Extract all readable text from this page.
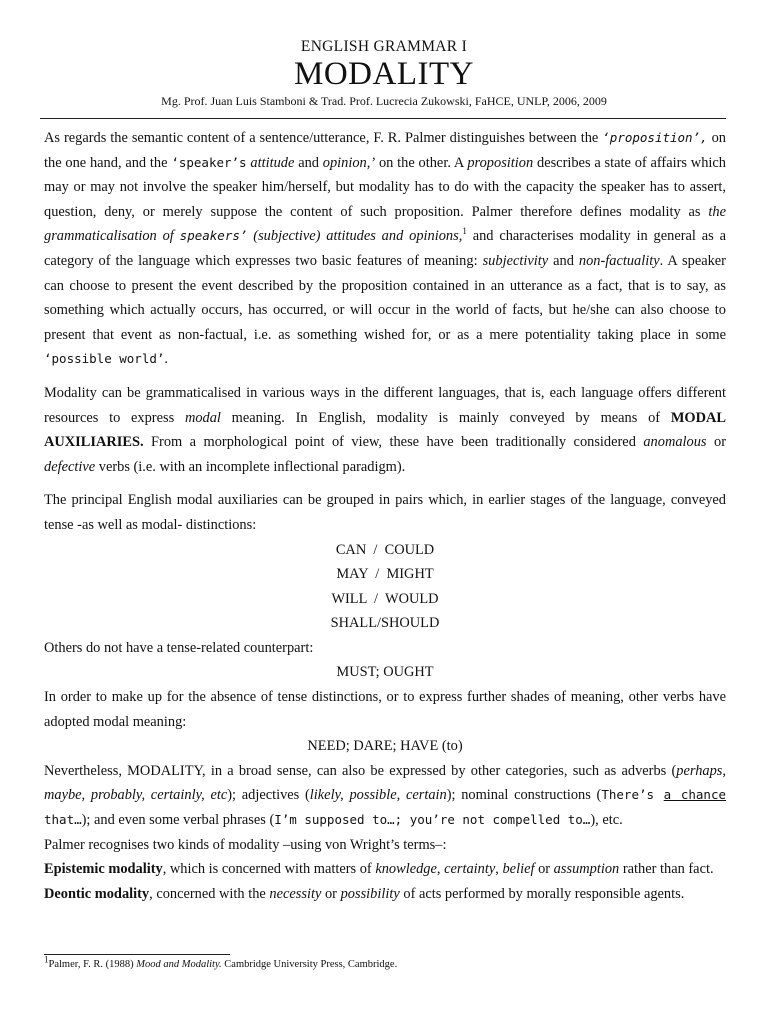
ENGLISH GRAMMAR I
MODALITY
Mg. Prof. Juan Luis Stamboni & Trad. Prof. Lucrecia Zukowski, FaHCE, UNLP, 2006, 2009

As regards the semantic content of a sentence/utterance, F. R. Palmer distinguishes between the ‘proposition’, on the one hand, and the ‘speaker’s attitude and opinion,’ on the other. A proposition describes a state of affairs which may or may not involve the speaker him/herself, but modality has to do with the capacity the speaker has to assert, question, deny, or merely suppose the content of such proposition. Palmer therefore defines modality as the grammaticalisation of speakers’ (subjective) attitudes and opinions,$^1$ and characterises modality in general as a category of the language which expresses two basic features of meaning: subjectivity and non-factuality. A speaker can choose to present the event described by the proposition contained in an utterance as a fact, that is to say, as something which actually occurs, has occurred, or will occur in the world of facts, but he/she can also choose to present that event as non-factual, i.e. as something wished for, or as a mere potentiality taking place in some ‘possible world’.

Modality can be grammaticalised in various ways in the different languages, that is, each language offers different resources to express modal meaning. In English, modality is mainly conveyed by means of MODAL AUXILIARIES. From a morphological point of view, these have been traditionally considered anomalous or defective verbs (i.e. with an incomplete inflectional paradigm).

The principal English modal auxiliaries can be grouped in pairs which, in earlier stages of the language, conveyed tense -as well as modal- distinctions:

CAN  /  COULD

MAY  /  MIGHT

WILL  /  WOULD

SHALL/SHOULD

Others do not have a tense-related counterpart:

MUST; OUGHT

In order to make up for the absence of tense distinctions, or to express further shades of meaning, other verbs have adopted modal meaning:

NEED; DARE; HAVE (to)

Nevertheless, MODALITY, in a broad sense, can also be expressed by other categories, such as adverbs (perhaps, maybe, probably, certainly, etc); adjectives (likely, possible, certain); nominal constructions (There’s a chance that…); and even some verbal phrases (I’m supposed to…; you’re not compelled to…), etc.

Palmer recognises two kinds of modality –using von Wright’s terms–:

Epistemic modality, which is concerned with matters of knowledge, certainty, belief or assumption rather than fact.

Deontic modality, concerned with the necessity or possibility of acts performed by morally responsible agents.

$^1$Palmer, F. R. (1988) Mood and Modality. Cambridge University Press, Cambridge.
